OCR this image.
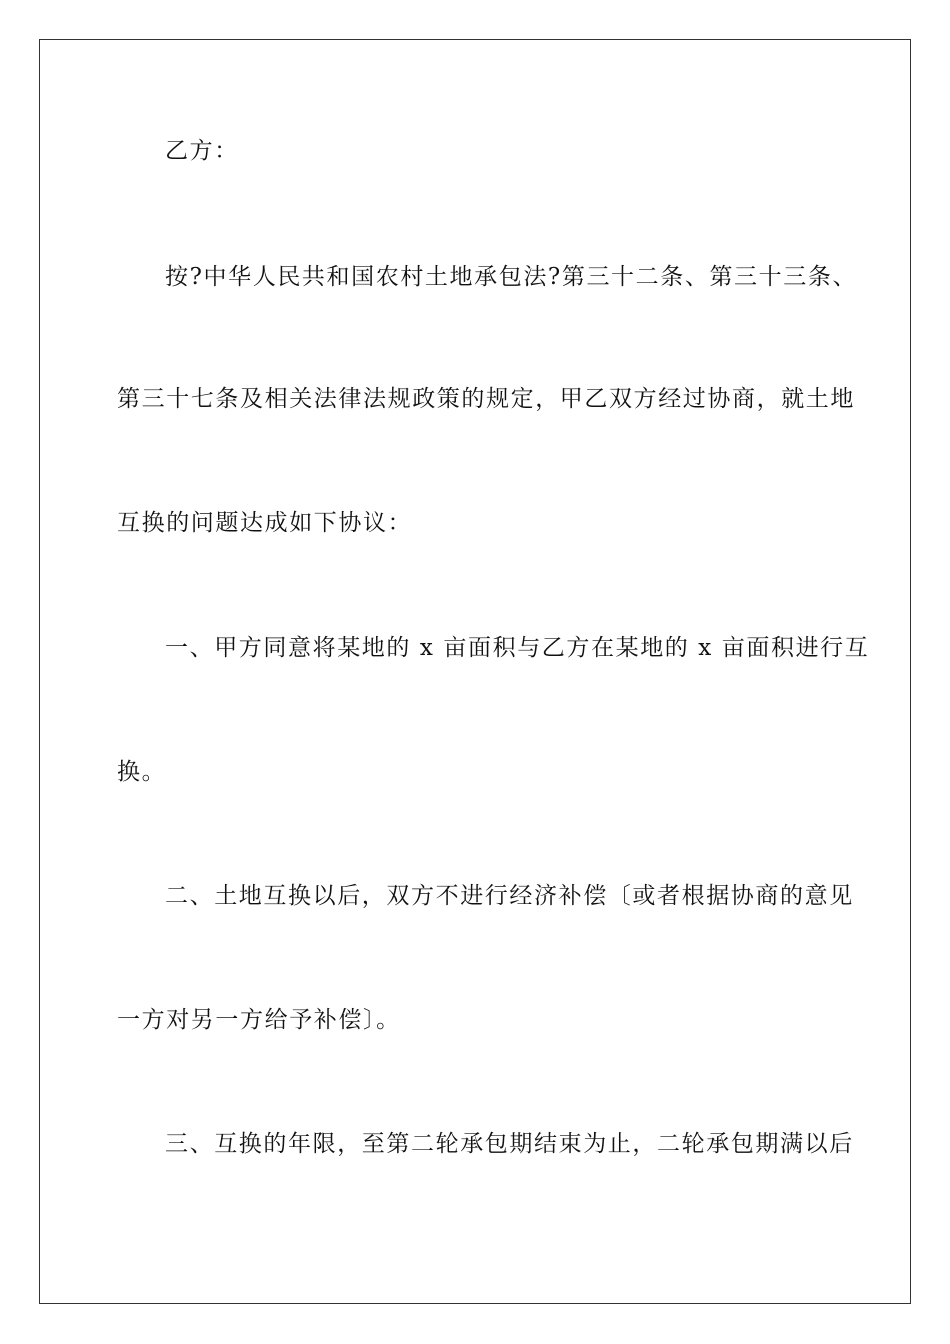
乙方：
按?中华人民共和国农村土地承包法?第三十二条、第三十三条、
第三十七条及相关法律法规政策的规定，甲乙双方经过协商，就土地
互换的问题达成如下协议：
一、甲方同意将某地的 x 亩面积与乙方在某地的 x 亩面积进行互
换。
二、土地互换以后，双方不进行经济补偿〔或者根据协商的意见
一方对另一方给予补偿〕。
三、互换的年限，至第二轮承包期结束为止，二轮承包期满以后
